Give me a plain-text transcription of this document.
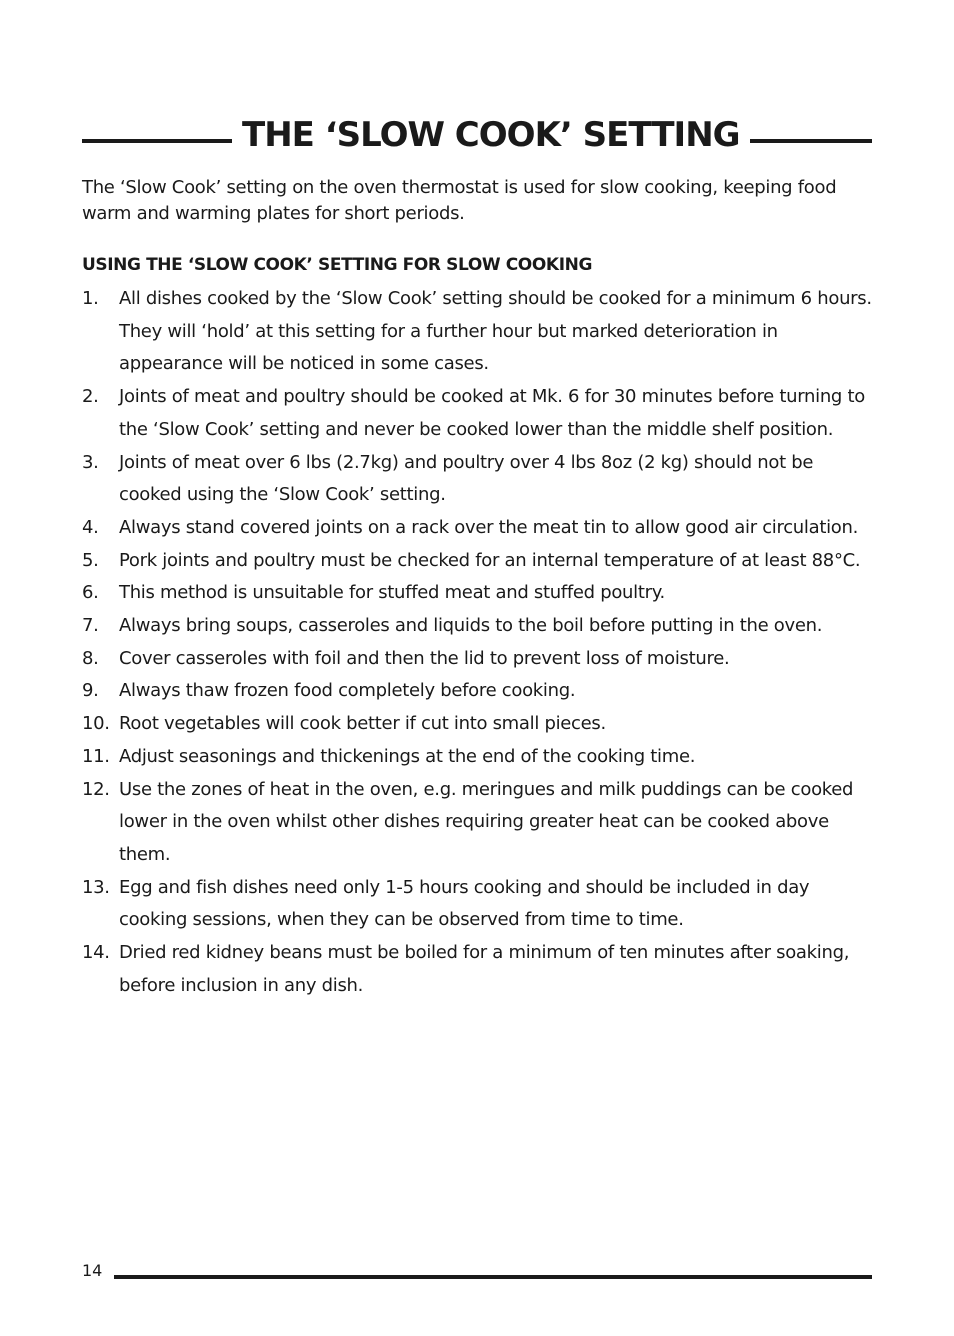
THE ‘SLOW COOK’ SETTING

The ‘Slow Cook’ setting on the oven thermostat is used for slow cooking, keeping food warm and warming plates for short periods.

USING THE ‘SLOW COOK’ SETTING FOR SLOW COOKING
1.	All dishes cooked by the ‘Slow Cook’ setting should be cooked for a minimum 6 hours. They will ‘hold’ at this setting for a further hour but marked deterioration in appearance will be noticed in some cases.
2.	Joints of meat and poultry should be cooked at Mk. 6 for 30 minutes before turning to the ‘Slow Cook’ setting and never be cooked lower than the middle shelf position.
3.	Joints of meat over 6 lbs (2.7kg) and poultry over 4 lbs 8oz (2 kg) should not be cooked using the ‘Slow Cook’ setting.
4.	Always stand covered joints on a rack over the meat tin to allow good air circulation.
5.	Pork joints and poultry must be checked for an internal temperature of at least 88°C.
6.	This method is unsuitable for stuffed meat and stuffed poultry.
7.	Always bring soups, casseroles and liquids to the boil before putting in the oven.
8.	Cover casseroles with foil and then the lid to prevent loss of moisture.
9.	Always thaw frozen food completely before cooking.
10. Root vegetables will cook better if cut into small pieces.
11. Adjust seasonings and thickenings at the end of the cooking time.
12. Use the zones of heat in the oven, e.g. meringues and milk puddings can be cooked lower in the oven whilst other dishes requiring greater heat can be cooked above them.
13. Egg and fish dishes need only 1-5 hours cooking and should be included in day cooking sessions, when they can be observed from time to time.
14. Dried red kidney beans must be boiled for a minimum of ten minutes after soaking, before inclusion in any dish.
14
